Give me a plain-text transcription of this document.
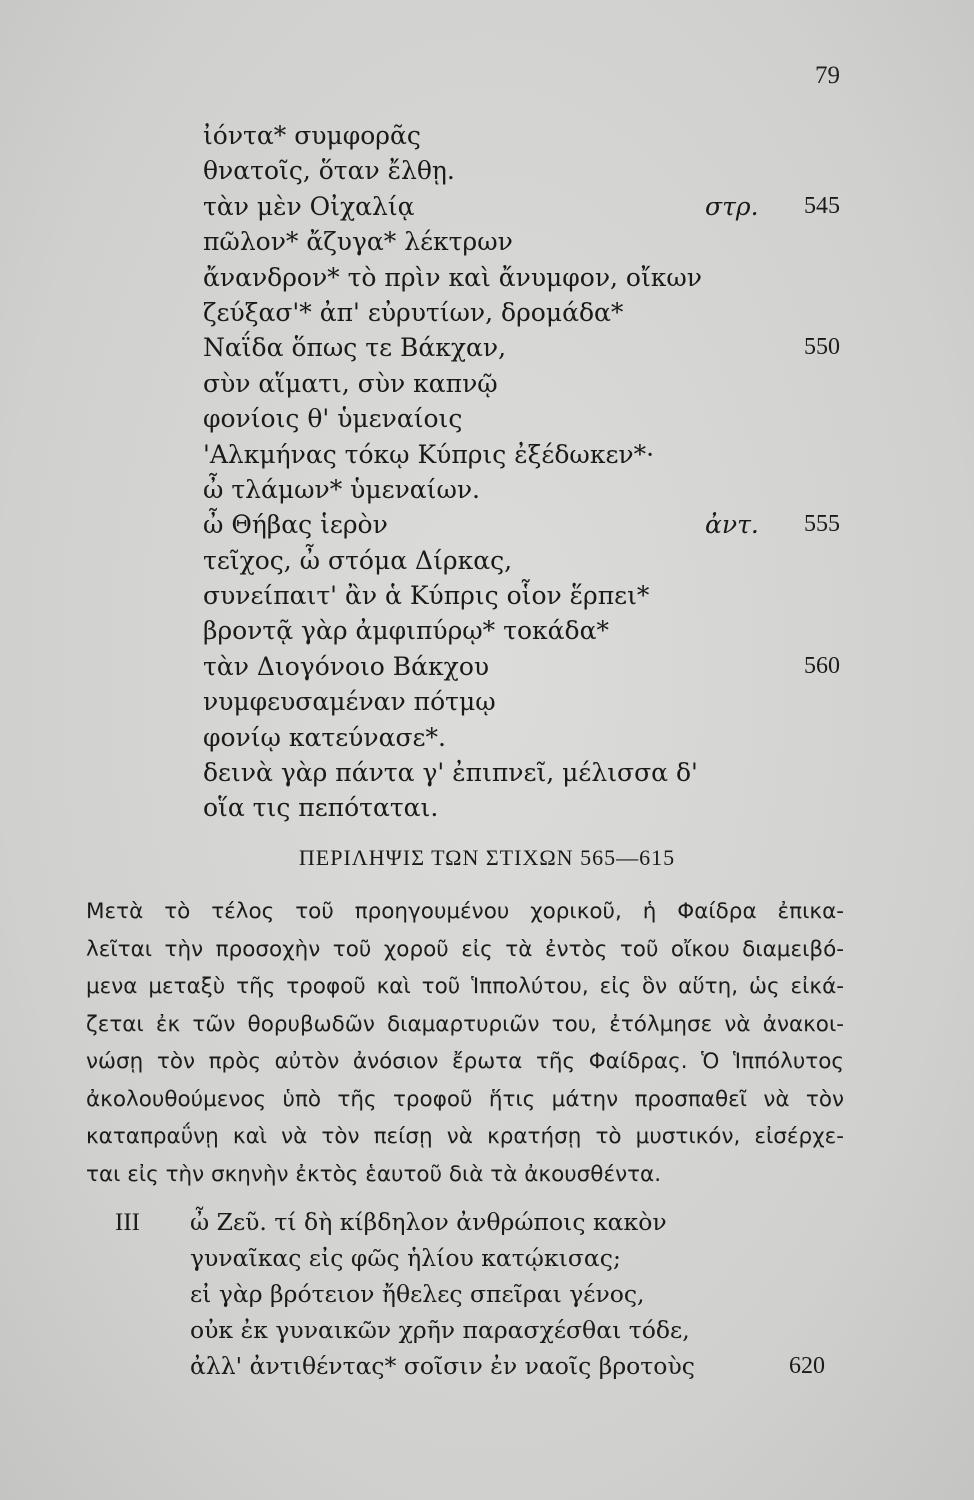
79
ἰόντα* συμφορᾶς
θνατοῖς, ὅταν ἔλθῃ.
τὰν μὲν Οἰχαλίᾳ	στρ.	545
πῶλον* ἄζυγα* λέκτρων
ἄνανδρον* τὸ πρὶν καὶ ἄνυμφον, οἴκων
ζεύξασ'* ἀπ' εὐρυτίων, δρομάδα*
Ναΐδα ὅπως τε Βάκχαν,	550
σὺν αἵματι, σὺν καπνῷ
φονίοις θ' ὑμεναίοις
'Αλκμήνας τόκῳ Κύπρις ἐξέδωκεν*·
ὦ τλάμων* ὑμεναίων.
ὦ Θήβας ἱερὸν	ἀντ.	555
τεῖχος, ὦ στόμα Δίρκας,
συνείπαιτ' ἂν ἁ Κύπρις οἷον ἕρπει*
βροντᾷ γὰρ ἀμφιπύρῳ* τοκάδα*
τὰν Διογόνοιο Βάκχου	560
νυμφευσαμέναν πότμῳ
φονίῳ κατεύνασε*.
δεινὰ γὰρ πάντα γ' ἐπιπνεῖ, μέλισσα δ'
οἵα τις πεπόταται.
ΠΕΡΙΛΗΨΙΣ ΤΩΝ ΣΤΙΧΩΝ 565—615
Μετὰ τὸ τέλος τοῦ προηγουμένου χορικοῦ, ἡ Φαίδρα ἐπικα-
λεῖται τὴν προσοχὴν τοῦ χοροῦ εἰς τὰ ἐντὸς τοῦ οἴκου διαμειβό-
μενα μεταξὺ τῆς τροφοῦ καὶ τοῦ Ἱππολύτου, εἰς ὃν αὕτη, ὡς εἰκά-
ζεται ἐκ τῶν θορυβωδῶν διαμαρτυριῶν του, ἐτόλμησε νὰ ἀνακοι-
νώσῃ τὸν πρὸς αὐτὸν ἀνόσιον ἔρωτα τῆς Φαίδρας. Ὁ Ἱππόλυτος
ἀκολουθούμενος ὑπὸ τῆς τροφοῦ ἥτις μάτην προσπαθεῖ νὰ τὸν
καταπραΰνῃ καὶ νὰ τὸν πείσῃ νὰ κρατήσῃ τὸ μυστικόν, εἰσέρχε-
ται εἰς τὴν σκηνὴν ἐκτὸς ἑαυτοῦ διὰ τὰ ἀκουσθέντα.
III ὦ Ζεῦ. τί δὴ κίβδηλον ἀνθρώποις κακὸν
γυναῖκας εἰς φῶς ἡλίου κατῴκισας;
εἰ γὰρ βρότειον ἤθελες σπεῖραι γένος,
οὐκ ἐκ γυναικῶν χρῆν παρασχέσθαι τόδε,
ἀλλ' ἀντιθέντας* σοῖσιν ἐν ναοῖς βροτοὺς	620
